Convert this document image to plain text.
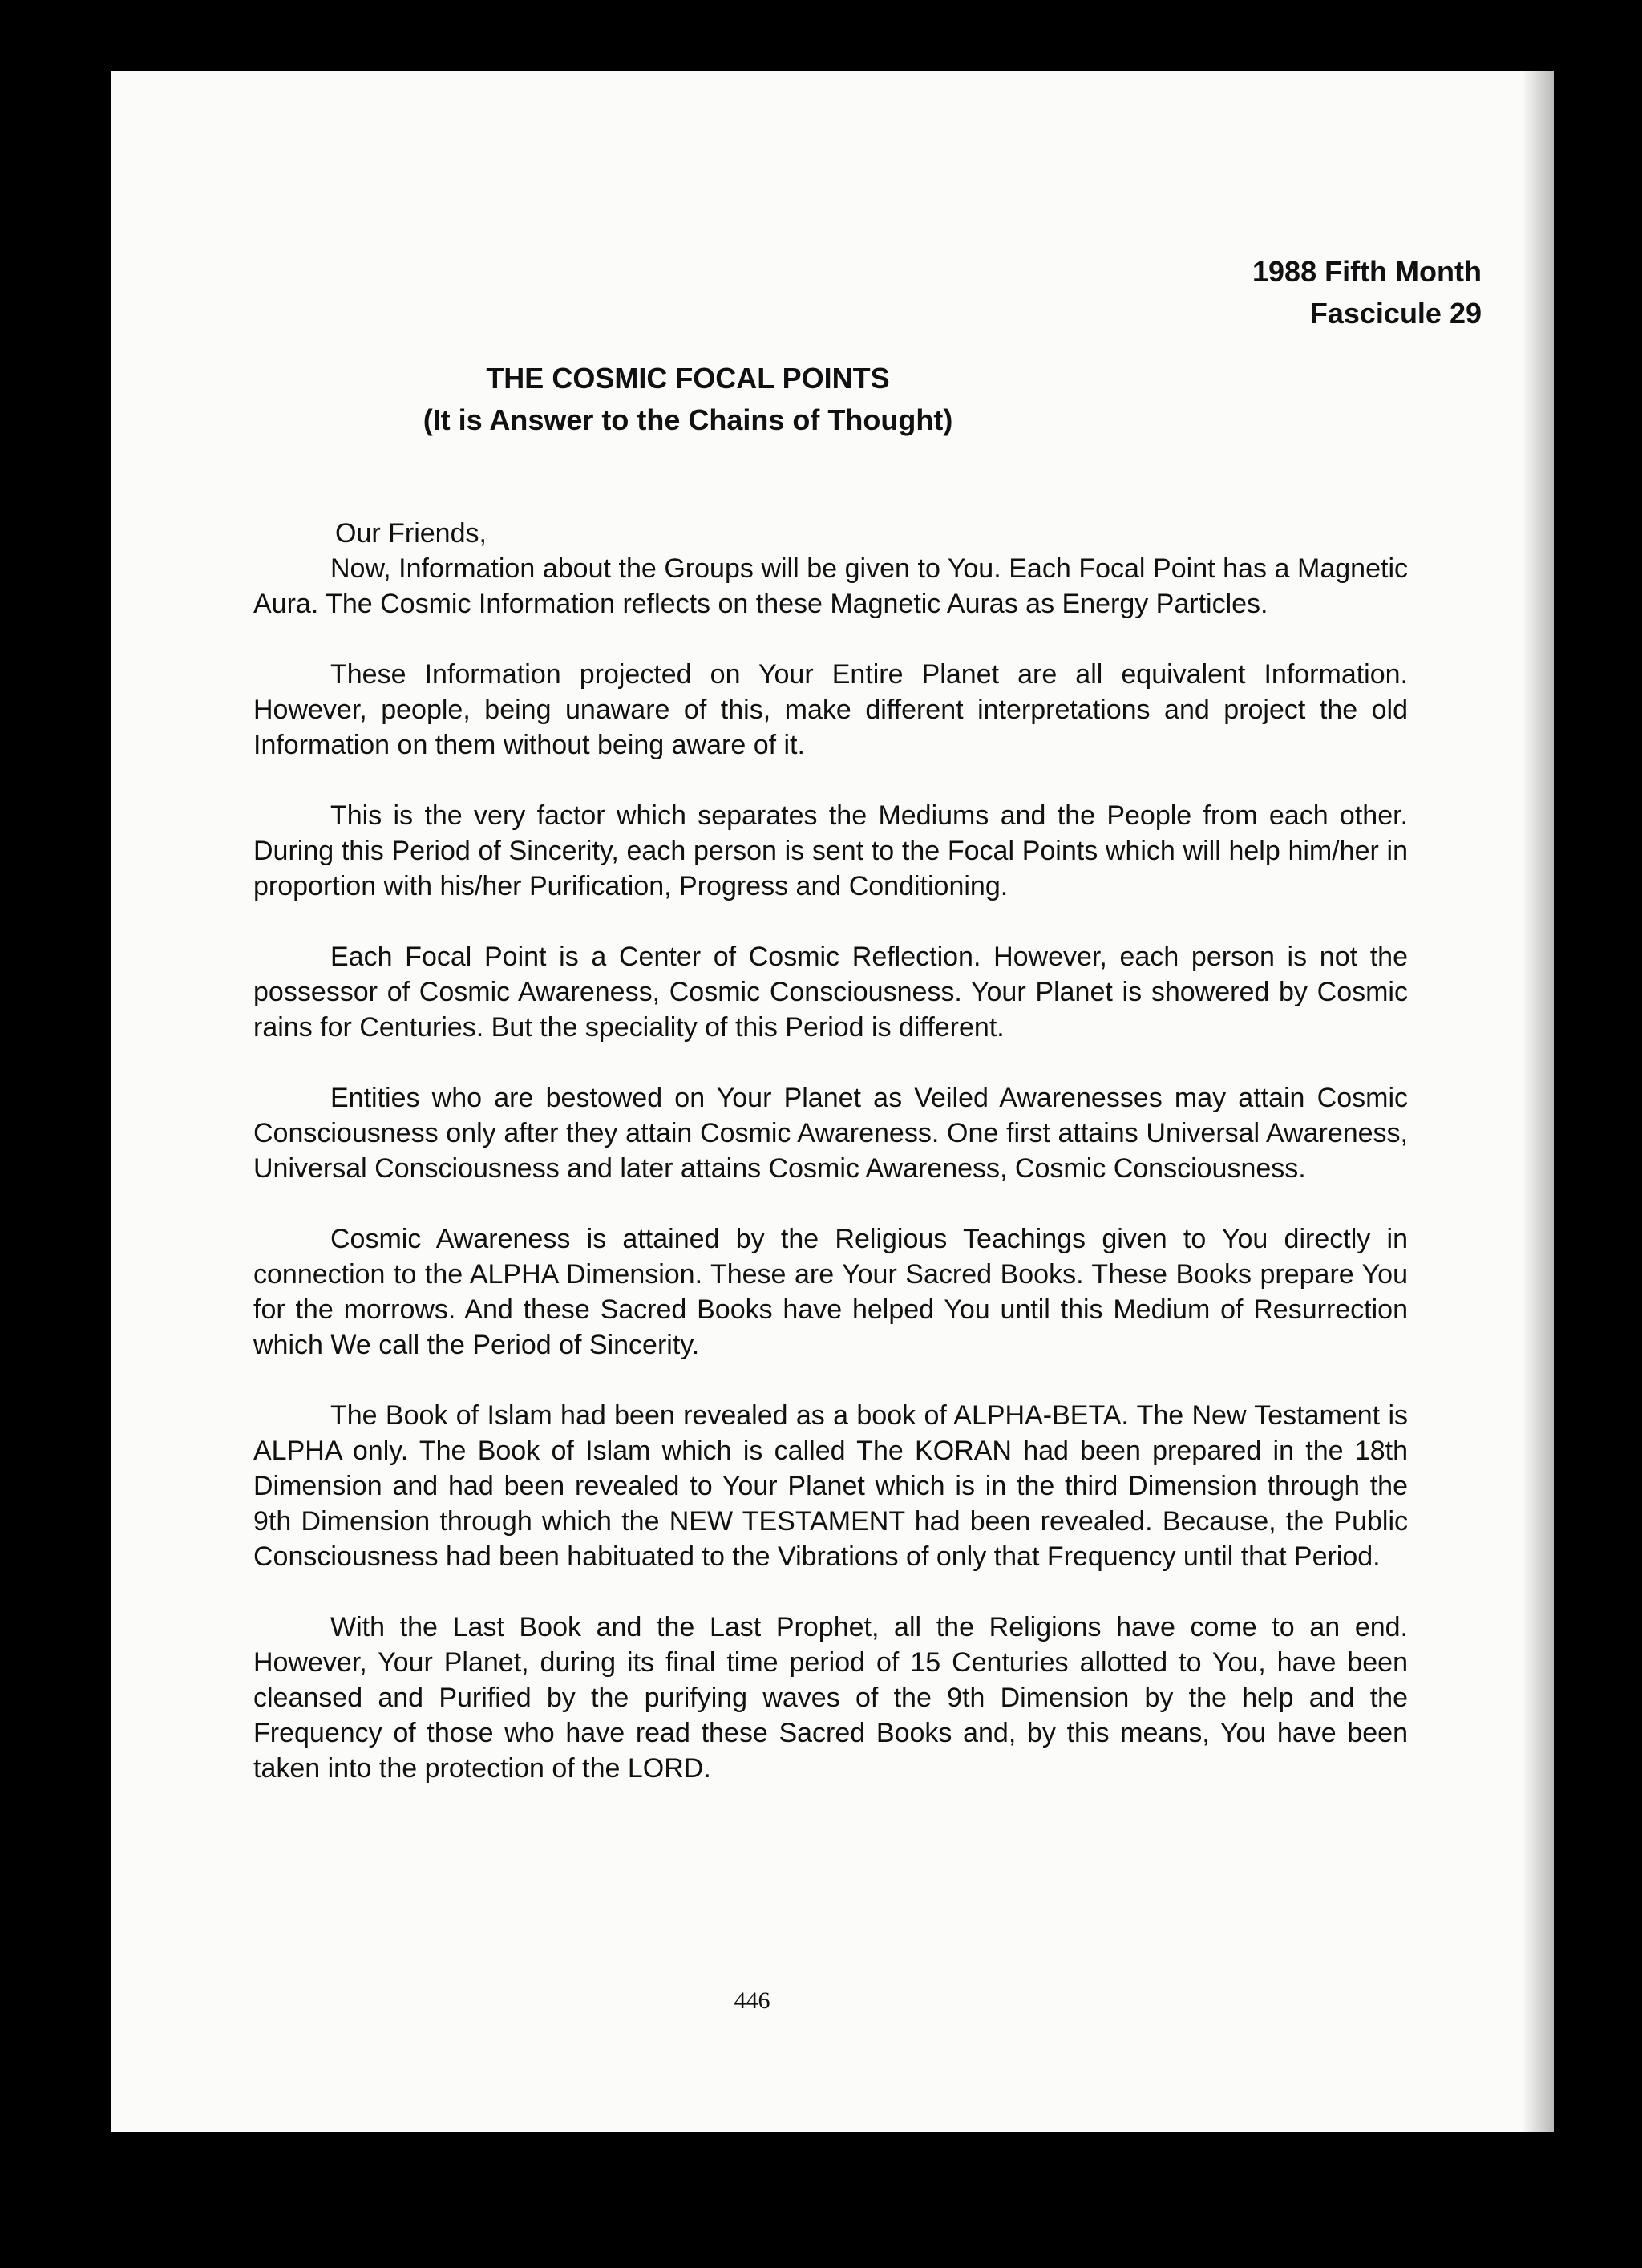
1988 Fifth Month
Fascicule 29
THE COSMIC FOCAL POINTS
(It is Answer to the Chains of Thought)

Our Friends,

Now, Information about the Groups will be given to You. Each Focal Point has a Magnetic Aura. The Cosmic Information reflects on these Magnetic Auras as Energy Particles.

These Information projected on Your Entire Planet are all equivalent Information. However, people, being unaware of this, make different interpretations and project the old Information on them without being aware of it.

This is the very factor which separates the Mediums and the People from each other. During this Period of Sincerity, each person is sent to the Focal Points which will help him/her in proportion with his/her Purification, Progress and Conditioning.

Each Focal Point is a Center of Cosmic Reflection. However, each person is not the possessor of Cosmic Awareness, Cosmic Consciousness. Your Planet is showered by Cosmic rains for Centuries. But the speciality of this Period is different.

Entities who are bestowed on Your Planet as Veiled Awarenesses may attain Cosmic Consciousness only after they attain Cosmic Awareness. One first attains Universal Awareness, Universal Consciousness and later attains Cosmic Awareness, Cosmic Consciousness.

Cosmic Awareness is attained by the Religious Teachings given to You directly in connection to the ALPHA Dimension. These are Your Sacred Books. These Books prepare You for the morrows. And these Sacred Books have helped You until this Medium of Resurrection which We call the Period of Sincerity.

The Book of Islam had been revealed as a book of ALPHA-BETA. The New Testament is ALPHA only. The Book of Islam which is called The KORAN had been prepared in the 18th Dimension and had been revealed to Your Planet which is in the third Dimension through the 9th Dimension through which the NEW TESTAMENT had been revealed. Because, the Public Consciousness had been habituated to the Vibrations of only that Frequency until that Period.

With the Last Book and the Last Prophet, all the Religions have come to an end. However, Your Planet, during its final time period of 15 Centuries allotted to You, have been cleansed and Purified by the purifying waves of the 9th Dimension by the help and the Frequency of those who have read these Sacred Books and, by this means, You have been taken into the protection of the LORD.

446
